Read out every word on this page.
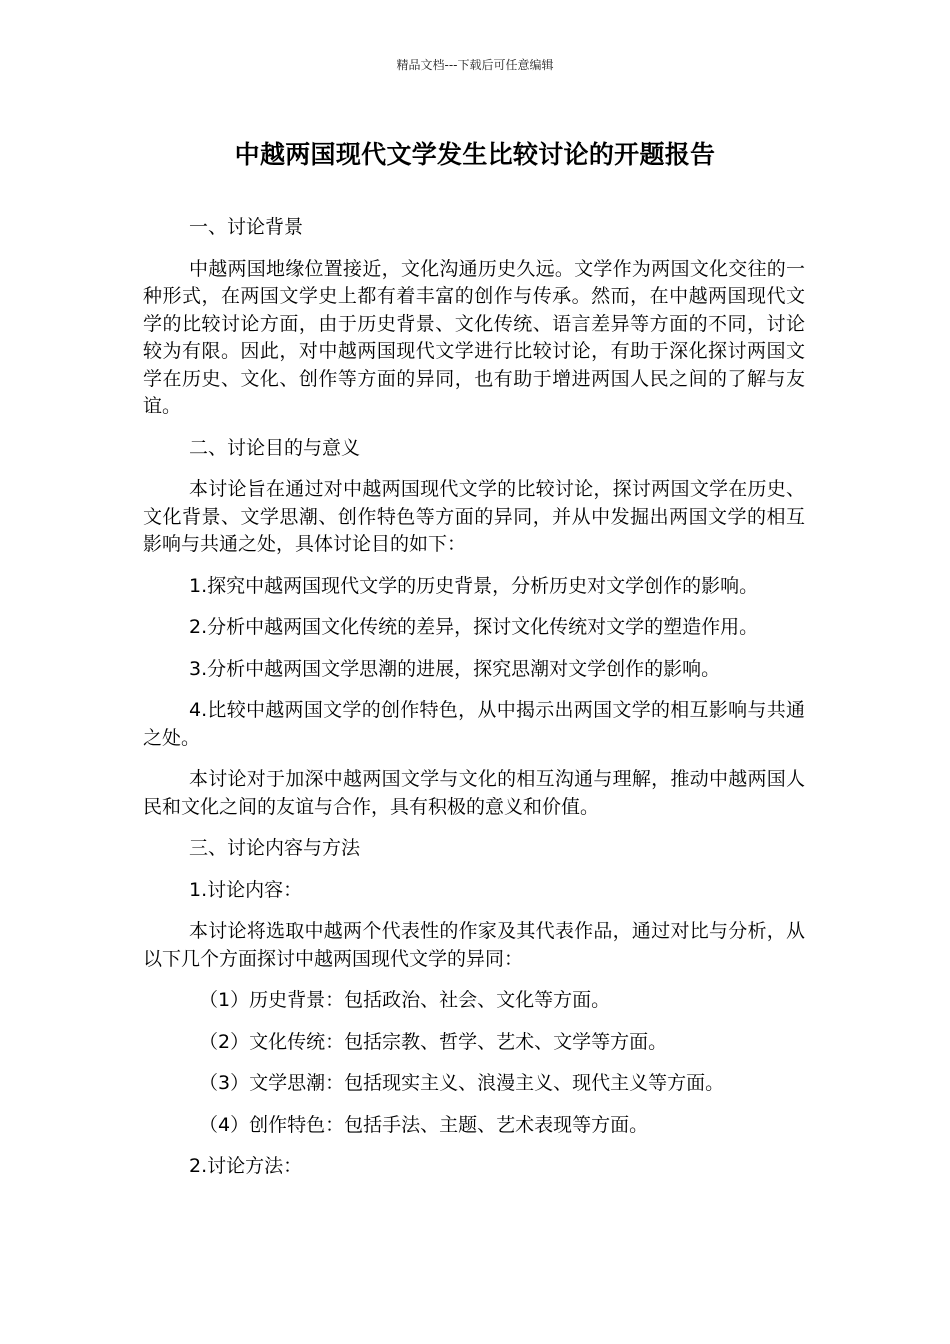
精品文档---下载后可任意编辑
中越两国现代文学发生比较讨论的开题报告

一、讨论背景

中越两国地缘位置接近，文化沟通历史久远。文学作为两国文化交往的一种形式，在两国文学史上都有着丰富的创作与传承。然而，在中越两国现代文学的比较讨论方面，由于历史背景、文化传统、语言差异等方面的不同，讨论较为有限。因此，对中越两国现代文学进行比较讨论，有助于深化探讨两国文学在历史、文化、创作等方面的异同，也有助于增进两国人民之间的了解与友谊。

二、讨论目的与意义

本讨论旨在通过对中越两国现代文学的比较讨论，探讨两国文学在历史、文化背景、文学思潮、创作特色等方面的异同，并从中发掘出两国文学的相互影响与共通之处，具体讨论目的如下：

1.探究中越两国现代文学的历史背景，分析历史对文学创作的影响。

2.分析中越两国文化传统的差异，探讨文化传统对文学的塑造作用。

3.分析中越两国文学思潮的进展，探究思潮对文学创作的影响。

4.比较中越两国文学的创作特色，从中揭示出两国文学的相互影响与共通之处。

本讨论对于加深中越两国文学与文化的相互沟通与理解，推动中越两国人民和文化之间的友谊与合作，具有积极的意义和价值。

三、讨论内容与方法

1.讨论内容：

本讨论将选取中越两个代表性的作家及其代表作品，通过对比与分析，从以下几个方面探讨中越两国现代文学的异同：

（1）历史背景：包括政治、社会、文化等方面。

（2）文化传统：包括宗教、哲学、艺术、文学等方面。

（3）文学思潮：包括现实主义、浪漫主义、现代主义等方面。

（4）创作特色：包括手法、主题、艺术表现等方面。

2.讨论方法：
